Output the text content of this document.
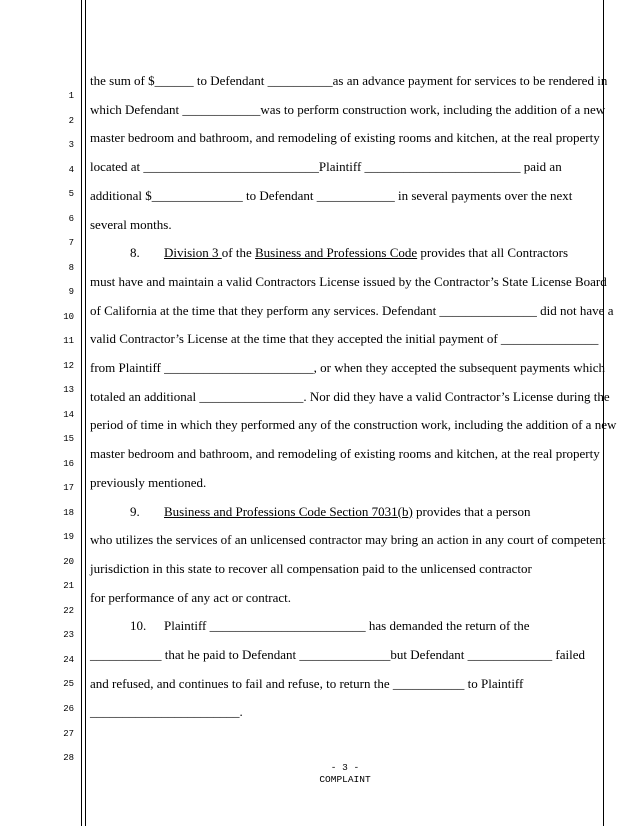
1
2
3
4
5
6
7
8
9
10
11
12
13
14
15
16
17
18
19
20
21
22
23
24
25
26
27
28
the sum of $______ to Defendant __________as an advance payment for services to be rendered in
which Defendant ____________was to perform construction work, including the addition of a new
master bedroom and bathroom, and remodeling of existing rooms and kitchen, at the real property
located at ___________________________Plaintiff ________________________ paid an
additional $______________ to Defendant ____________ in several payments over the next
several months.
8. Division 3 of the Business and Professions Code provides that all Contractors
must have and maintain a valid Contractors License issued by the Contractor’s State License Board
of California at the time that they perform any services. Defendant _______________ did not have a
valid Contractor’s License at the time that they accepted the initial payment of _______________
from Plaintiff _______________________, or when they accepted the subsequent payments which
totaled an additional ________________. Nor did they have a valid Contractor’s License during the
period of time in which they performed any of the construction work, including the addition of a new
master bedroom and bathroom, and remodeling of existing rooms and kitchen, at the real property
previously mentioned.
9. Business and Professions Code Section 7031(b) provides that a person
who utilizes the services of an unlicensed contractor may bring an action in any court of competent
jurisdiction in this state to recover all compensation paid to the unlicensed contractor
for performance of any act or contract.
10. Plaintiff ________________________ has demanded the return of the
___________ that he paid to Defendant ______________but Defendant _____________ failed
and refused, and continues to fail and refuse, to return the ___________ to Plaintiff
_______________________.
- 3 -
COMPLAINT
